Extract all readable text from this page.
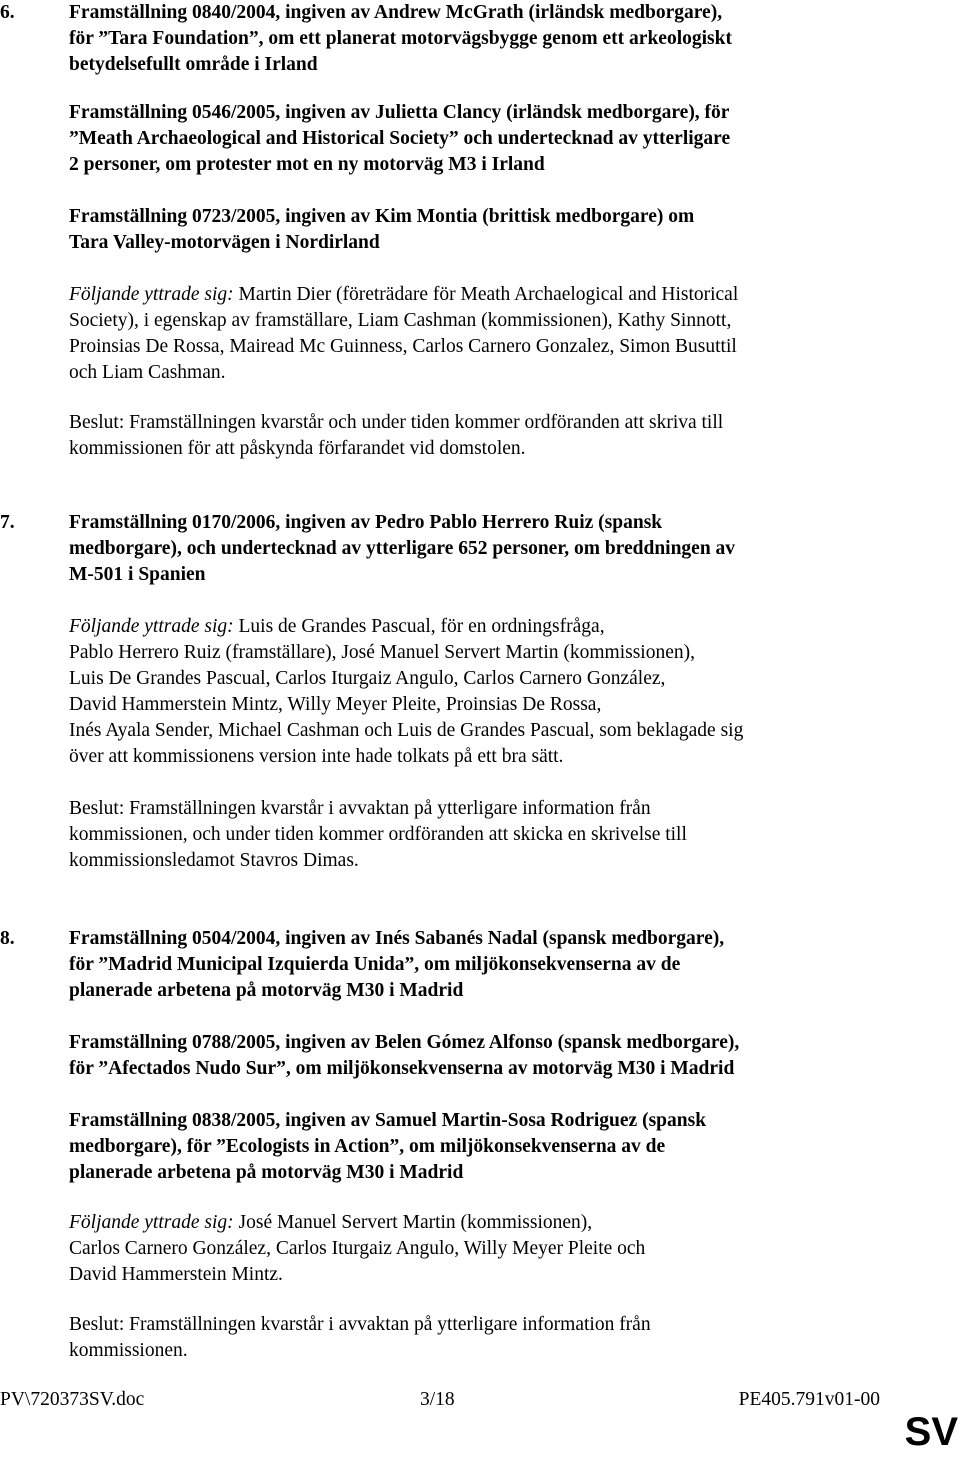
6.	Framställning 0840/2004, ingiven av Andrew McGrath (irländsk medborgare),
för ”Tara Foundation”, om ett planerat motorvägsbygge genom ett arkeologiskt
betydelsefullt område i Irland
Framställning 0546/2005, ingiven av Julietta Clancy (irländsk medborgare), för
”Meath Archaeological and Historical Society” och undertecknad av ytterligare
2 personer, om protester mot en ny motorväg M3 i Irland
Framställning 0723/2005, ingiven av Kim Montia (brittisk medborgare) om
Tara Valley-motorvägen i Nordirland
Följande yttrade sig: Martin Dier (företrädare för Meath Archaelogical and Historical
Society), i egenskap av framställare, Liam Cashman (kommissionen), Kathy Sinnott,
Proinsias De Rossa, Mairead Mc Guinness, Carlos Carnero Gonzalez, Simon Busuttil
och Liam Cashman.
Beslut: Framställningen kvarstår och under tiden kommer ordföranden att skriva till
kommissionen för att påskynda förfarandet vid domstolen.
7.	Framställning 0170/2006, ingiven av Pedro Pablo Herrero Ruiz (spansk
medborgare), och undertecknad av ytterligare 652 personer, om breddningen av
M-501 i Spanien
Följande yttrade sig: Luis de Grandes Pascual, för en ordningsfråga,
Pablo Herrero Ruiz (framställare), José Manuel Servert Martin (kommissionen),
Luis De Grandes Pascual, Carlos Iturgaiz Angulo, Carlos Carnero González,
David Hammerstein Mintz, Willy Meyer Pleite, Proinsias De Rossa,
Inés Ayala Sender, Michael Cashman och Luis de Grandes Pascual, som beklagade sig
över att kommissionens version inte hade tolkats på ett bra sätt.
Beslut: Framställningen kvarstår i avvaktan på ytterligare information från
kommissionen, och under tiden kommer ordföranden att skicka en skrivelse till
kommissionsledamot Stavros Dimas.
8.	Framställning 0504/2004, ingiven av Inés Sabanés Nadal (spansk medborgare),
för ”Madrid Municipal Izquierda Unida”, om miljökonsekvenserna av de
planerade arbetena på motorväg M30 i Madrid
Framställning 0788/2005, ingiven av Belen Gómez Alfonso (spansk medborgare),
för ”Afectados Nudo Sur”, om miljökonsekvenserna av motorväg M30 i Madrid
Framställning 0838/2005, ingiven av Samuel Martin-Sosa Rodriguez (spansk
medborgare), för ”Ecologists in Action”, om miljökonsekvenserna av de
planerade arbetena på motorväg M30 i Madrid
Följande yttrade sig: José Manuel Servert Martin (kommissionen),
Carlos Carnero González, Carlos Iturgaiz Angulo, Willy Meyer Pleite och
David Hammerstein Mintz.
Beslut: Framställningen kvarstår i avvaktan på ytterligare information från
kommissionen.
PV\720373SV.doc	3/18	PE405.791v01-00
SV
